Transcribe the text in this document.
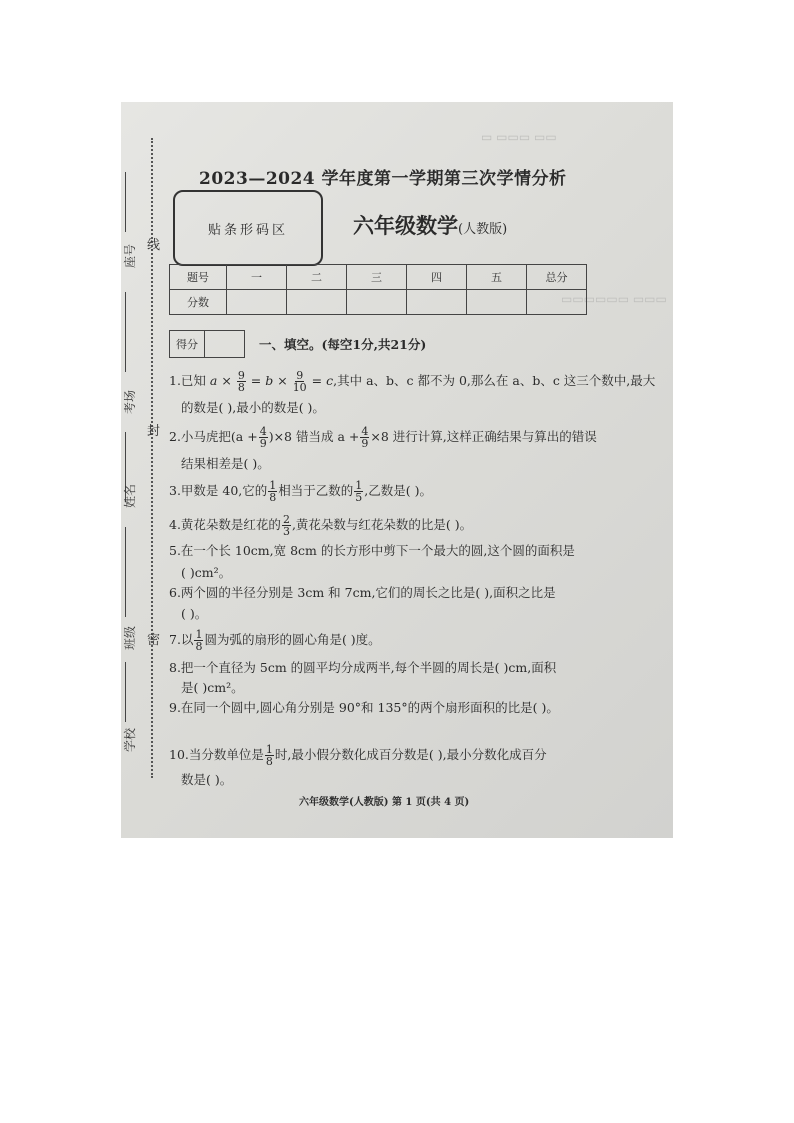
▭ ▭▭▭ ▭▭
▭▭▭▭▭▭ ▭▭▭
座号
考场
姓名
班级
学校
线
封
密
2023—2024 学年度第一学期第三次学情分析
贴条形码区	六年级数学(人教版)
题号	一	二	三	四	五	总分
分数						
得分	一、填空。(每空1分,共21分)
1.已知 $a \times \frac{9}{8} = b \times \frac{9}{10} = c$,其中 a、b、c 都不为 0,那么在 a、b、c 这三个数中,最大
的数是( ),最小的数是( )。
2.小马虎把$(a + \frac{4}{9} )\times 8$ 错当成 $a + \frac{4}{9} \times 8$ 进行计算,这样正确结果与算出的错误
结果相差是( )。
3.甲数是 40,它的 $\frac{1}{8}$ 相当于乙数的 $\frac{1}{5}$ ,乙数是( )。
4.黄花朵数是红花的 $\frac{2}{3}$ ,黄花朵数与红花朵数的比是( )。
5.在一个长 10cm,宽 8cm 的长方形中剪下一个最大的圆,这个圆的面积是
( )cm²。
6.两个圆的半径分别是 3cm 和 7cm,它们的周长之比是( ),面积之比是
( )。
7.以 $\frac{1}{8}$ 圆为弧的扇形的圆心角是( )度。
8.把一个直径为 5cm 的圆平均分成两半,每个半圆的周长是( )cm,面积
是( )cm²。
9.在同一个圆中,圆心角分别是 90°和 135°的两个扇形面积的比是( )。
10.当分数单位是 $\frac{1}{8}$ 时,最小假分数化成百分数是( ),最小分数化成百分
数是( )。
六年级数学(人教版) 第 1 页(共 4 页)
